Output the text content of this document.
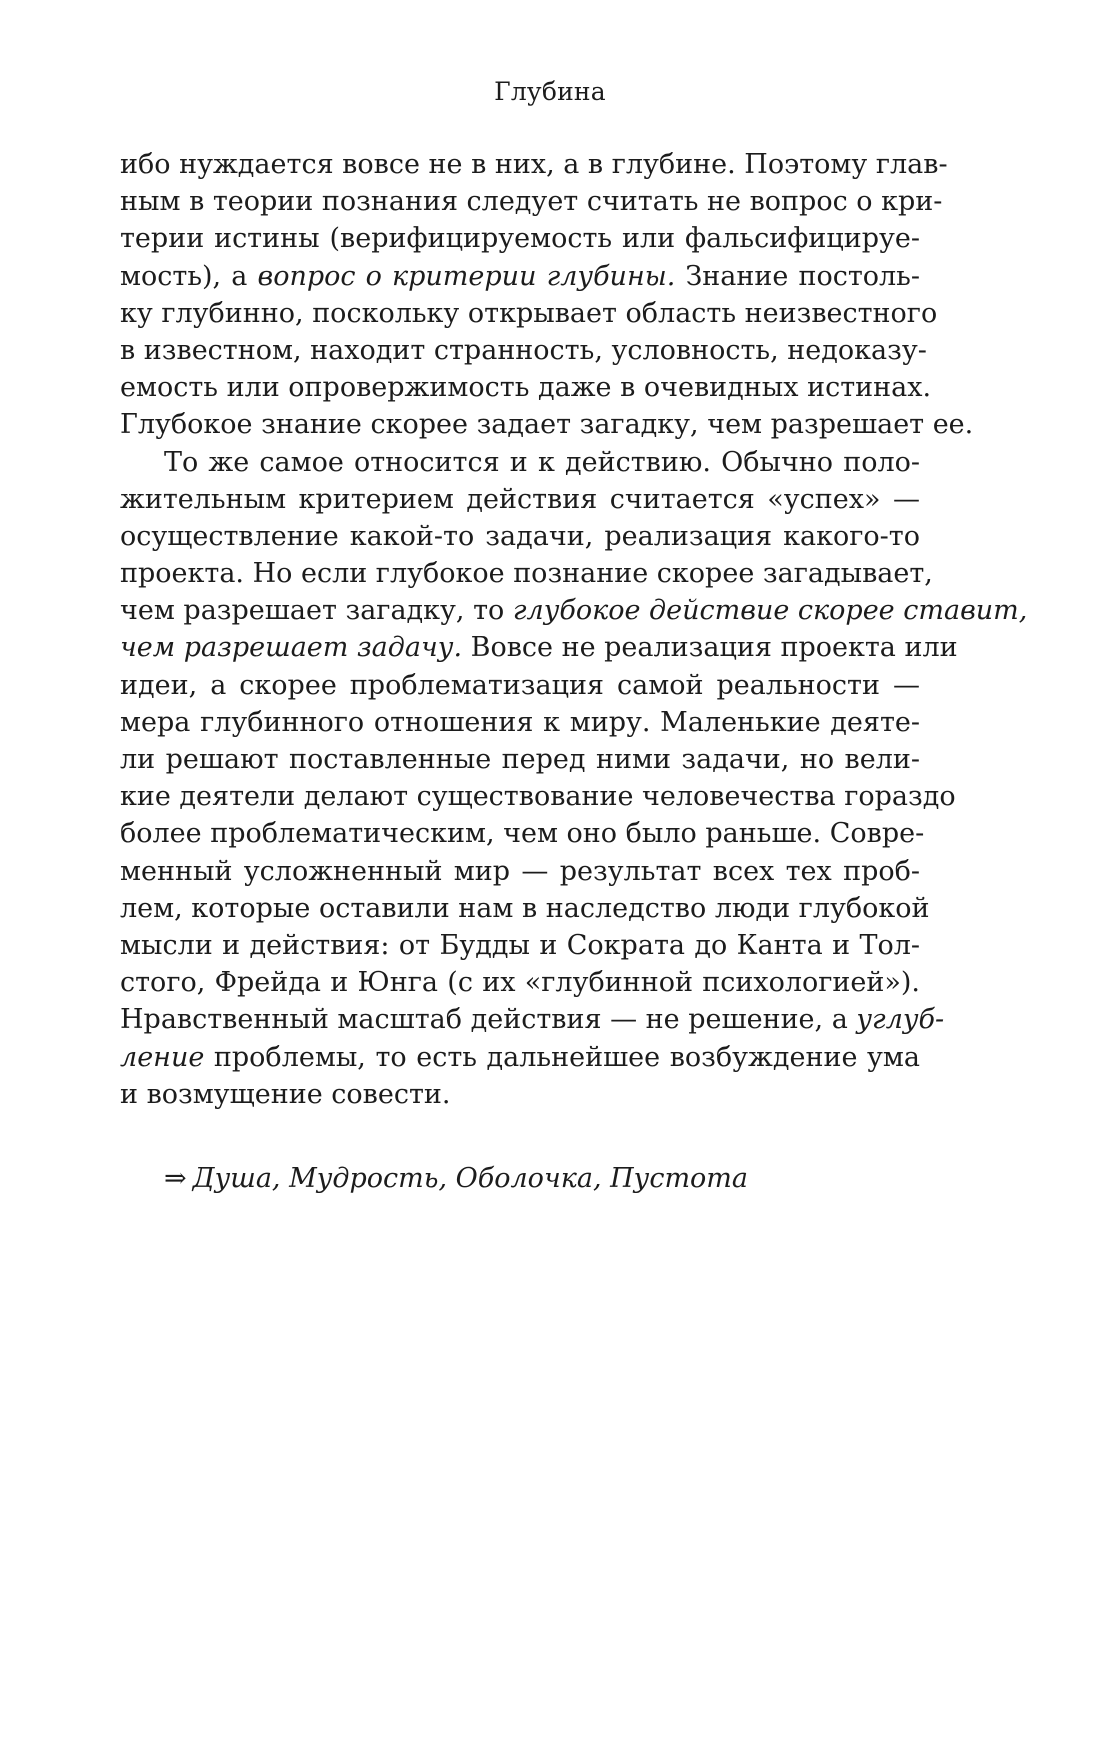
Глубина
ибо нуждается вовсе не в них, а в глубине. Поэтому глав-
ным в теории познания следует считать не вопрос о кри-
терии истины (верифицируемость или фальсифицируе-
мость), а вопрос о критерии глубины. Знание постоль-
ку глубинно, поскольку открывает область неизвестного
в известном, находит странность, условность, недоказу-
емость или опровержимость даже в очевидных истинах.
Глубокое знание скорее задает загадку, чем разрешает ее.
То же самое относится и к действию. Обычно поло-
жительным критерием действия считается «успех» —
осуществление какой-то задачи, реализация какого-то
проекта. Но если глубокое познание скорее загадывает,
чем разрешает загадку, то глубокое действие скорее ставит,
чем разрешает задачу. Вовсе не реализация проекта или
идеи, а скорее проблематизация самой реальности —
мера глубинного отношения к миру. Маленькие деяте-
ли решают поставленные перед ними задачи, но вели-
кие деятели делают существование человечества гораздо
более проблематическим, чем оно было раньше. Совре-
менный усложненный мир — результат всех тех проб-
лем, которые оставили нам в наследство люди глубокой
мысли и действия: от Будды и Сократа до Канта и Тол-
стого, Фрейда и Юнга (с их «глубинной психологией»).
Нравственный масштаб действия — не решение, а углуб-
ление проблемы, то есть дальнейшее возбуждение ума
и возмущение совести.
⇒ Душа, Мудрость, Оболочка, Пустота
